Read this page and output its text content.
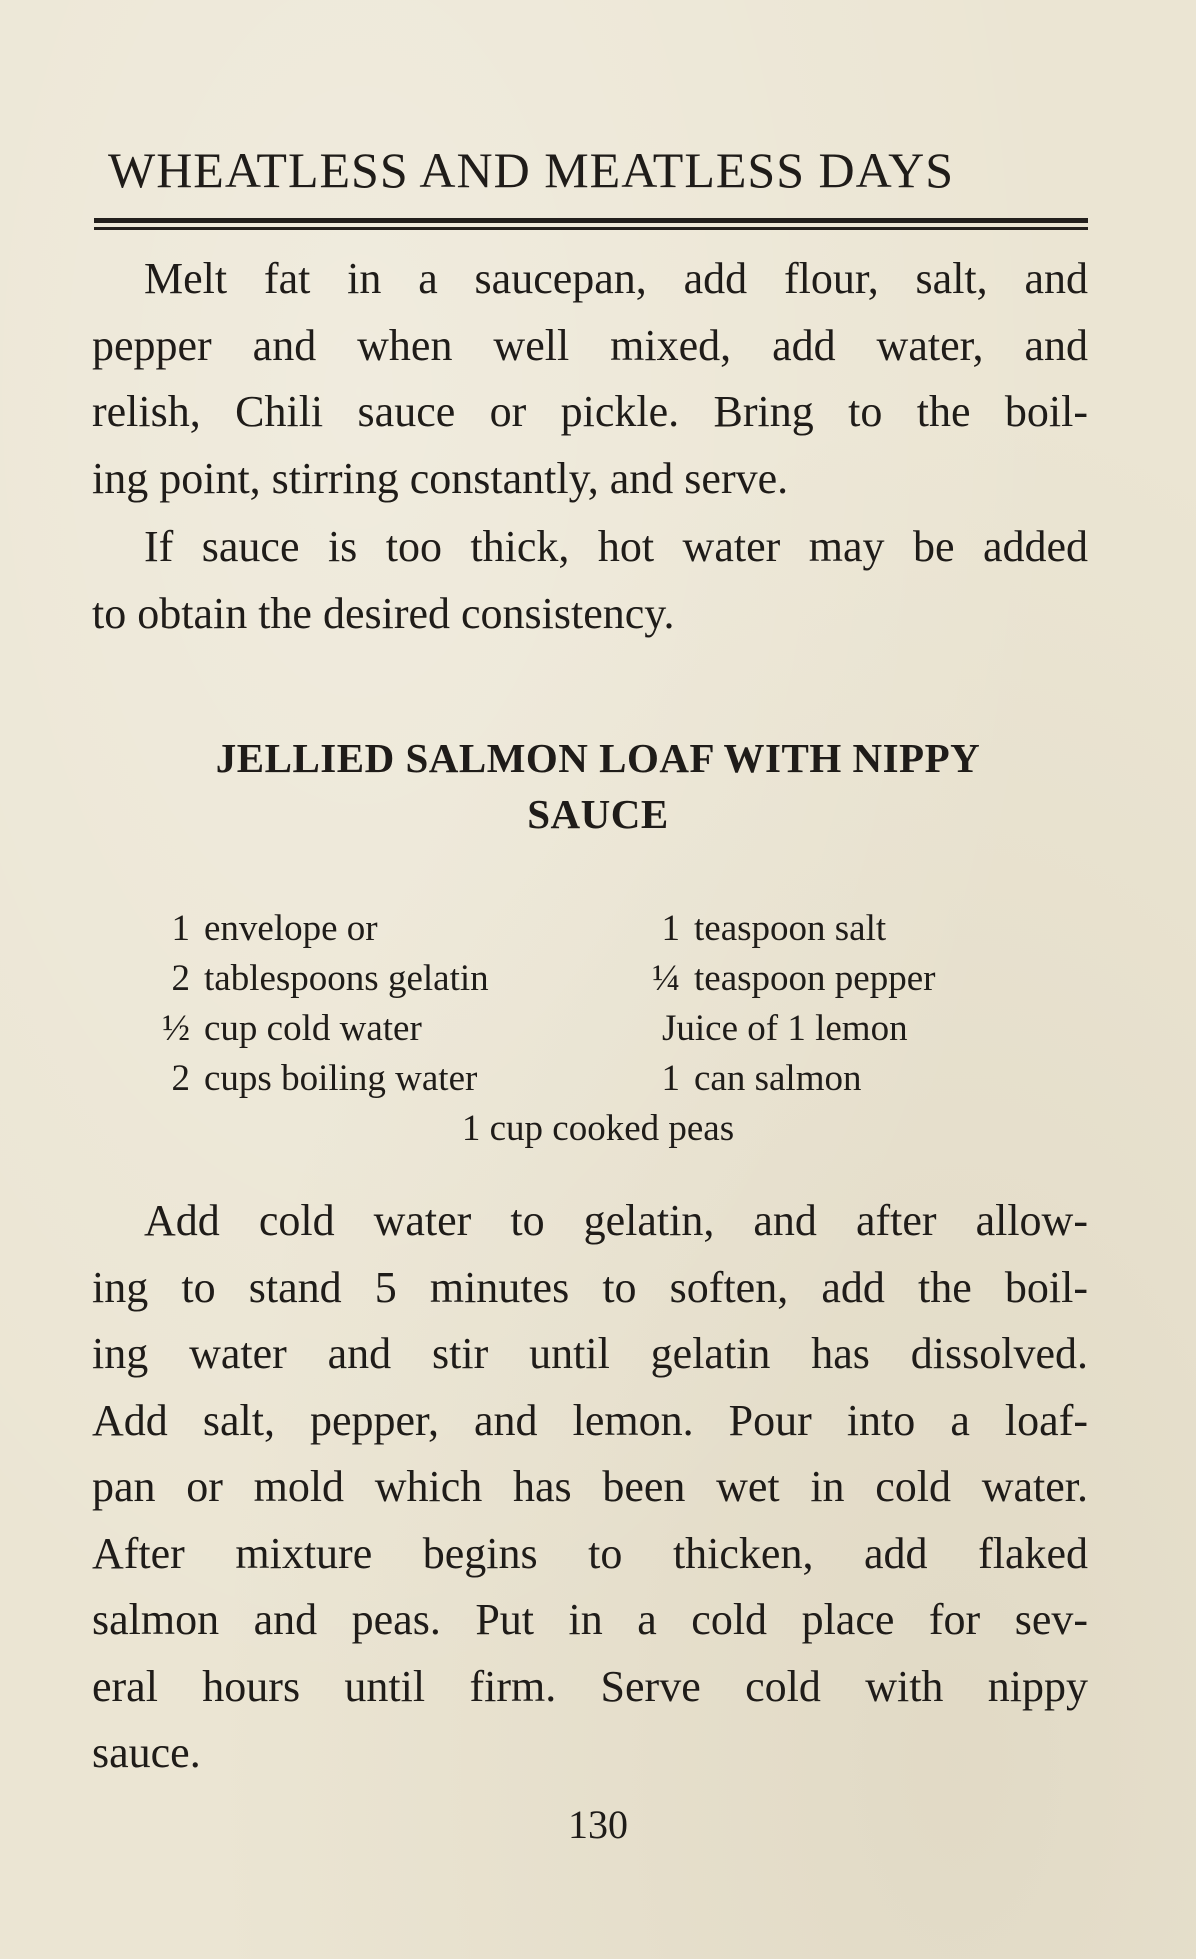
WHEATLESS AND MEATLESS DAYS

Melt fat in a saucepan, add flour, salt, and
pepper and when well mixed, add water, and
relish, Chili sauce or pickle. Bring to the boil-
ing point, stirring constantly, and serve.

If sauce is too thick, hot water may be added
to obtain the desired consistency.

JELLIED SALMON LOAF WITH NIPPY
SAUCE
1 envelope or
2 tablespoons gelatin
½ cup cold water
2 cups boiling water
1 teaspoon salt
¼ teaspoon pepper
Juice of 1 lemon
1 can salmon
1 cup cooked peas

Add cold water to gelatin, and after allow-
ing to stand 5 minutes to soften, add the boil-
ing water and stir until gelatin has dissolved.
Add salt, pepper, and lemon. Pour into a loaf-
pan or mold which has been wet in cold water.
After mixture begins to thicken, add flaked
salmon and peas. Put in a cold place for sev-
eral hours until firm. Serve cold with nippy
sauce.

130
